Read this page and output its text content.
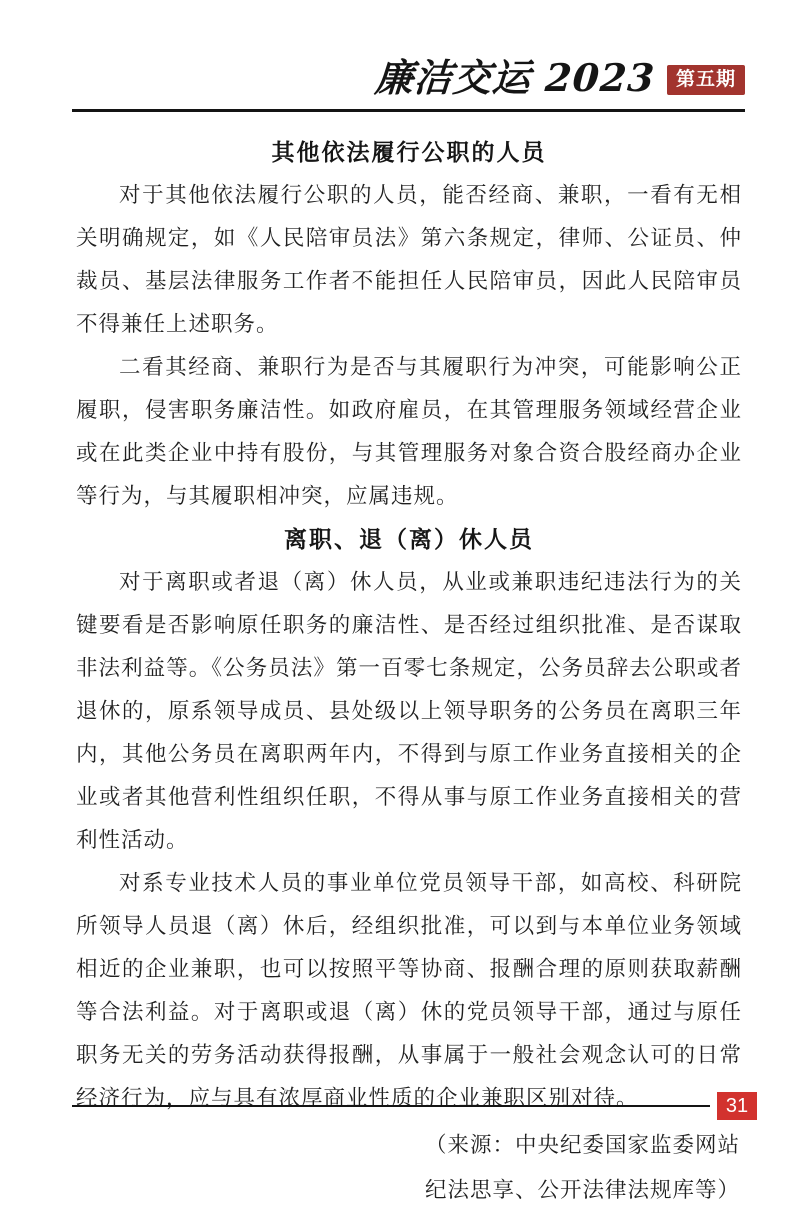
廉洁交运 2023	第五期
其他依法履行公职的人员

对于其他依法履行公职的人员，能否经商、兼职，一看有无相关明确规定，如《人民陪审员法》第六条规定，律师、公证员、仲裁员、基层法律服务工作者不能担任人民陪审员，因此人民陪审员不得兼任上述职务。

二看其经商、兼职行为是否与其履职行为冲突，可能影响公正履职，侵害职务廉洁性。如政府雇员，在其管理服务领域经营企业或在此类企业中持有股份，与其管理服务对象合资合股经商办企业等行为，与其履职相冲突，应属违规。

离职、退（离）休人员

对于离职或者退（离）休人员，从业或兼职违纪违法行为的关键要看是否影响原任职务的廉洁性、是否经过组织批准、是否谋取非法利益等。《公务员法》第一百零七条规定，公务员辞去公职或者退休的，原系领导成员、县处级以上领导职务的公务员在离职三年内，其他公务员在离职两年内，不得到与原工作业务直接相关的企业或者其他营利性组织任职，不得从事与原工作业务直接相关的营利性活动。

对系专业技术人员的事业单位党员领导干部，如高校、科研院所领导人员退（离）休后，经组织批准，可以到与本单位业务领域相近的企业兼职，也可以按照平等协商、报酬合理的原则获取薪酬等合法利益。对于离职或退（离）休的党员领导干部，通过与原任职务无关的劳务活动获得报酬，从事属于一般社会观念认可的日常经济行为，应与具有浓厚商业性质的企业兼职区别对待。

（来源：中央纪委国家监委网站
纪法思享、公开法律法规库等）
31
